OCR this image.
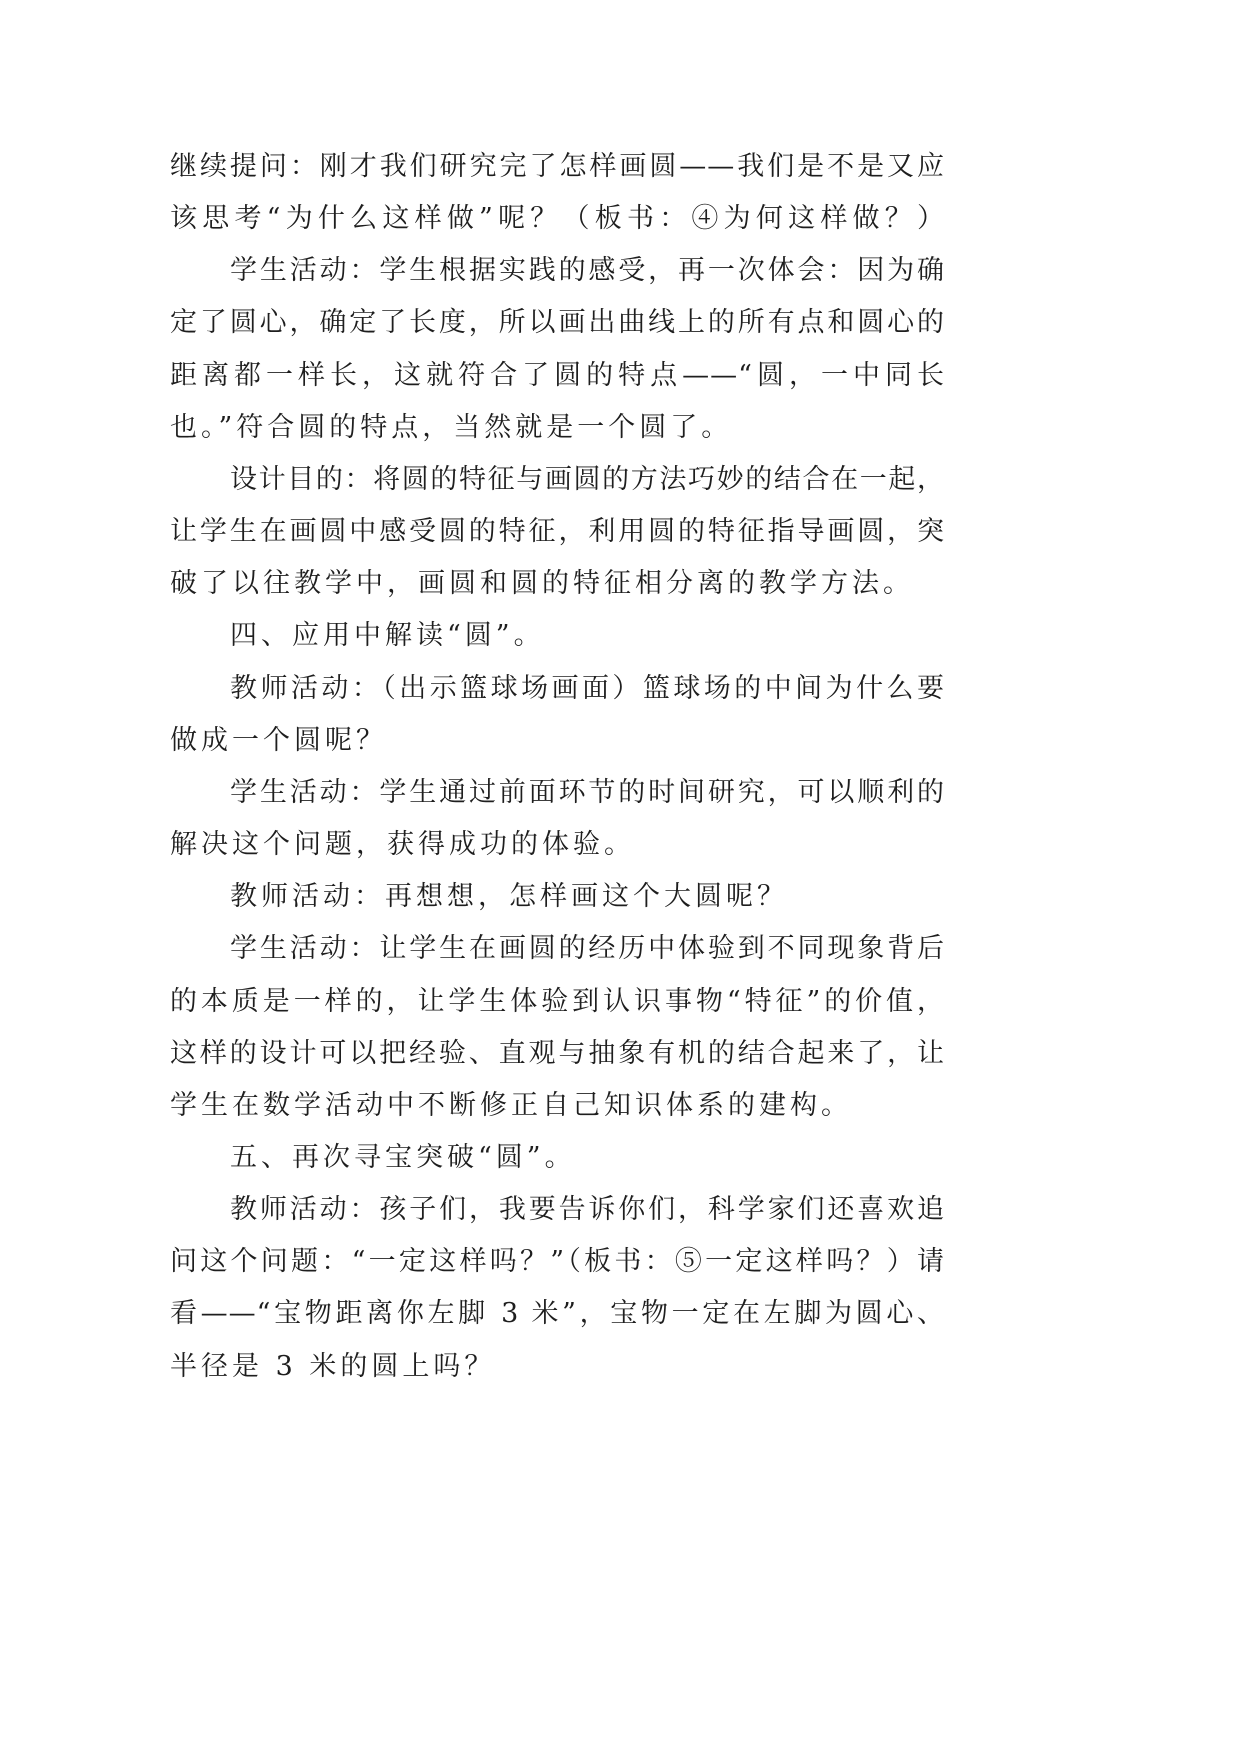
继续提问：刚才我们研究完了怎样画圆——我们是不是又应
该思考“为什么这样做”呢？（板书：④为何这样做？）
学生活动：学生根据实践的感受，再一次体会：因为确
定了圆心，确定了长度，所以画出曲线上的所有点和圆心的
距离都一样长，这就符合了圆的特点——“圆，一中同长
也。”符合圆的特点，当然就是一个圆了。
设计目的：将圆的特征与画圆的方法巧妙的结合在一起，
让学生在画圆中感受圆的特征，利用圆的特征指导画圆，突
破了以往教学中，画圆和圆的特征相分离的教学方法。
四、应用中解读“圆”。
教师活动：（出示篮球场画面）篮球场的中间为什么要
做成一个圆呢？
学生活动：学生通过前面环节的时间研究，可以顺利的
解决这个问题，获得成功的体验。
教师活动：再想想，怎样画这个大圆呢？
学生活动：让学生在画圆的经历中体验到不同现象背后
的本质是一样的，让学生体验到认识事物“特征”的价值，
这样的设计可以把经验、直观与抽象有机的结合起来了，让
学生在数学活动中不断修正自己知识体系的建构。
五、再次寻宝突破“圆”。
教师活动：孩子们，我要告诉你们，科学家们还喜欢追
问这个问题：“一定这样吗？”（板书：⑤一定这样吗？）请
看——“宝物距离你左脚 3 米”，宝物一定在左脚为圆心、
半径是 3 米的圆上吗？
